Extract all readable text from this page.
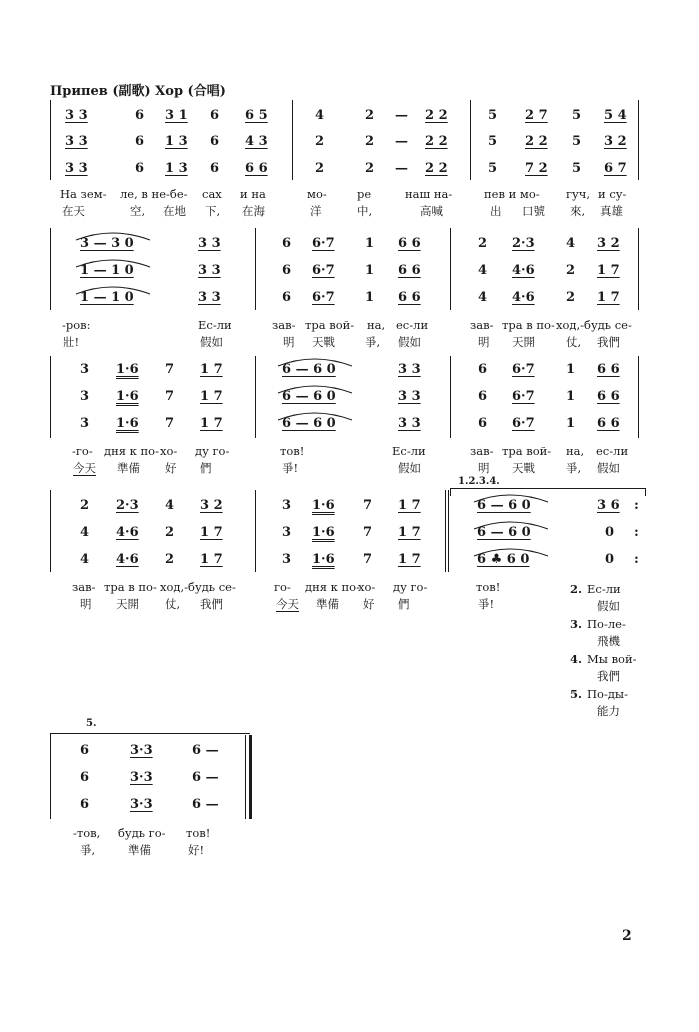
Припев (副歌) Хор (合唱)
3 3	6 3 1 6 6 5	4	2 — 2 2	5 2 7 5 5 4
3 3	6 1 3 6 4 3	2	2 — 2 2	5 2 2 5 3 2
3 3	6 1 3 6 6 6	2	2 — 2 2	5 7 2 5 6 7
На зем- ле, в не-бе- сах и на	мо-	ре	наш на-	пев и мо- гуч, и су-
在天	空, 在地 下, 在海	洋	中,	高喊	出 口號 來, 真雄
3 — 3 0	3 3	6 6·7 1 6 6	2 2·3 4 3 2
1 — 1 0	3 3	6 6·7 1 6 6	4 4·6 2 1 7
1 — 1 0	3 3	6 6·7 1 6 6	4 4·6 2 1 7
-ров:	Ес-ли	зав- тра вой- на, ес-ли	зав- тра в по- ход,-будь се-
壯!	假如	明 天戰	爭, 假如	明 天開	仗, 我們
3 1·6 7 1 7	6 — 6 0	3 3	6 6·7 1 6 6
3 1·6 7 1 7	6 — 6 0	3 3	6 6·7 1 6 6
3 1·6 7 1 7	6 — 6 0	3 3	6 6·7 1 6 6
-го- дня к по- хо- ду го-	тов!	Ес-ли	зав- тра вой- на, ес-ли
今天 準備 好 們	爭!	假如	明 天戰	爭, 假如
1.2.3.4.
2 2·3 4 3 2	3 1·6 7 1 7	6 — 6 0	3 6 :
4 4·6 2 1 7	3 1·6 7 1 7	6 — 6 0	0 :
4 4·6 2 1 7	3 1·6 7 1 7	6 ♣ 6 0	0 :
зав- тра в по- ход,-будь се-	го- дня к по-
хо- ду го-	тов!
明 天開 仗, 我們	今天 準備 好 們	爭!
2. Ес-ли
假如
3. По-ле-
飛機
4. Мы вой-
我們
5. По-ды-
能力
5.
6	3·3	6 —
6	3·3	6 —
6	3·3	6 —
-тов, будь го- тов!
爭,	準備	好!
2
